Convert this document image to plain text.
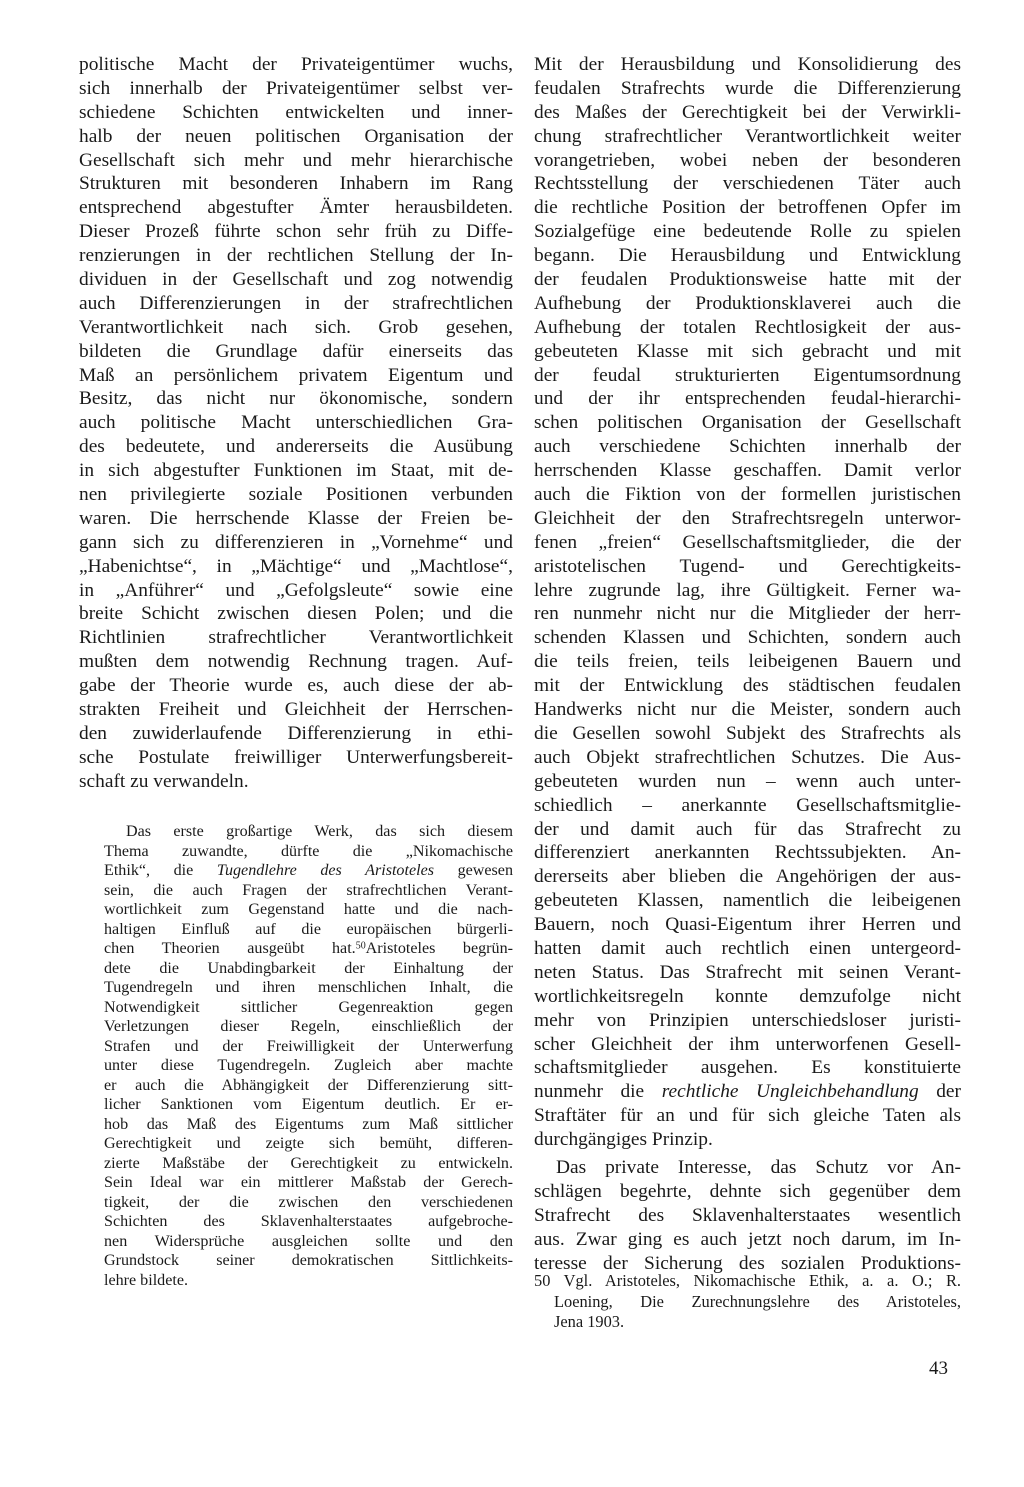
politische Macht der Privateigentümer wuchs,
sich innerhalb der Privateigentümer selbst ver-
schiedene Schichten entwickelten und inner-
halb der neuen politischen Organisation der
Gesellschaft sich mehr und mehr hierarchische
Strukturen mit besonderen Inhabern im Rang
entsprechend abgestufter Ämter herausbildeten.
Dieser Prozeß führte schon sehr früh zu Diffe-
renzierungen in der rechtlichen Stellung der In-
dividuen in der Gesellschaft und zog notwendig
auch Differenzierungen in der strafrechtlichen
Verantwortlichkeit nach sich. Grob gesehen,
bildeten die Grundlage dafür einerseits das
Maß an persönlichem privatem Eigentum und
Besitz, das nicht nur ökonomische, sondern
auch politische Macht unterschiedlichen Gra-
des bedeutete, und andererseits die Ausübung
in sich abgestufter Funktionen im Staat, mit de-
nen privilegierte soziale Positionen verbunden
waren. Die herrschende Klasse der Freien be-
gann sich zu differenzieren in „Vornehme“ und
„Habenichtse“, in „Mächtige“ und „Machtlose“,
in „Anführer“ und „Gefolgsleute“ sowie eine
breite Schicht zwischen diesen Polen; und die
Richtlinien strafrechtlicher Verantwortlichkeit
mußten dem notwendig Rechnung tragen. Auf-
gabe der Theorie wurde es, auch diese der ab-
strakten Freiheit und Gleichheit der Herrschen-
den zuwiderlaufende Differenzierung in ethi-
sche Postulate freiwilliger Unterwerfungsbereit-
schaft zu verwandeln.
Das erste großartige Werk, das sich diesem
Thema zuwandte, dürfte die „Nikomachische
Ethik“, die Tugendlehre des Aristoteles gewesen
sein, die auch Fragen der strafrechtlichen Verant-
wortlichkeit zum Gegenstand hatte und die nach-
haltigen Einfluß auf die europäischen bürgerli-
chen Theorien ausgeübt hat.$^{50}$Aristoteles begrün-
dete die Unabdingbarkeit der Einhaltung der
Tugendregeln und ihren menschlichen Inhalt, die
Notwendigkeit sittlicher Gegenreaktion gegen
Verletzungen dieser Regeln, einschließlich der
Strafen und der Freiwilligkeit der Unterwerfung
unter diese Tugendregeln. Zugleich aber machte
er auch die Abhängigkeit der Differenzierung sitt-
licher Sanktionen vom Eigentum deutlich. Er er-
hob das Maß des Eigentums zum Maß sittlicher
Gerechtigkeit und zeigte sich bemüht, differen-
zierte Maßstäbe der Gerechtigkeit zu entwickeln.
Sein Ideal war ein mittlerer Maßstab der Gerech-
tigkeit, der die zwischen den verschiedenen
Schichten des Sklavenhalterstaates aufgebroche-
nen Widersprüche ausgleichen sollte und den
Grundstock seiner demokratischen Sittlichkeits-
lehre bildete.
Mit der Herausbildung und Konsolidierung des
feudalen Strafrechts wurde die Differenzierung
des Maßes der Gerechtigkeit bei der Verwirkli-
chung strafrechtlicher Verantwortlichkeit weiter
vorangetrieben, wobei neben der besonderen
Rechtsstellung der verschiedenen Täter auch
die rechtliche Position der betroffenen Opfer im
Sozialgefüge eine bedeutende Rolle zu spielen
begann. Die Herausbildung und Entwicklung
der feudalen Produktionsweise hatte mit der
Aufhebung der Produktionsklaverei auch die
Aufhebung der totalen Rechtlosigkeit der aus-
gebeuteten Klasse mit sich gebracht und mit
der feudal strukturierten Eigentumsordnung
und der ihr entsprechenden feudal-hierarchi-
schen politischen Organisation der Gesellschaft
auch verschiedene Schichten innerhalb der
herrschenden Klasse geschaffen. Damit verlor
auch die Fiktion von der formellen juristischen
Gleichheit der den Strafrechtsregeln unterwor-
fenen „freien“ Gesellschaftsmitglieder, die der
aristotelischen Tugend- und Gerechtigkeits-
lehre zugrunde lag, ihre Gültigkeit. Ferner wa-
ren nunmehr nicht nur die Mitglieder der herr-
schenden Klassen und Schichten, sondern auch
die teils freien, teils leibeigenen Bauern und
mit der Entwicklung des städtischen feudalen
Handwerks nicht nur die Meister, sondern auch
die Gesellen sowohl Subjekt des Strafrechts als
auch Objekt strafrechtlichen Schutzes. Die Aus-
gebeuteten wurden nun – wenn auch unter-
schiedlich – anerkannte Gesellschaftsmitglie-
der und damit auch für das Strafrecht zu
differenziert anerkannten Rechtssubjekten. An-
dererseits aber blieben die Angehörigen der aus-
gebeuteten Klassen, namentlich die leibeigenen
Bauern, noch Quasi-Eigentum ihrer Herren und
hatten damit auch rechtlich einen untergeord-
neten Status. Das Strafrecht mit seinen Verant-
wortlichkeitsregeln konnte demzufolge nicht
mehr von Prinzipien unterschiedsloser juristi-
scher Gleichheit der ihm unterworfenen Gesell-
schaftsmitglieder ausgehen. Es konstituierte
nunmehr die rechtliche Ungleichbehandlung der
Straftäter für an und für sich gleiche Taten als
durchgängiges Prinzip.
Das private Interesse, das Schutz vor An-
schlägen begehrte, dehnte sich gegenüber dem
Strafrecht des Sklavenhalterstaates wesentlich
aus. Zwar ging es auch jetzt noch darum, im In-
teresse der Sicherung des sozialen Produktions-
50 Vgl. Aristoteles, Nikomachische Ethik, a. a. O.; R.
Loening, Die Zurechnungslehre des Aristoteles,
Jena 1903.
43
